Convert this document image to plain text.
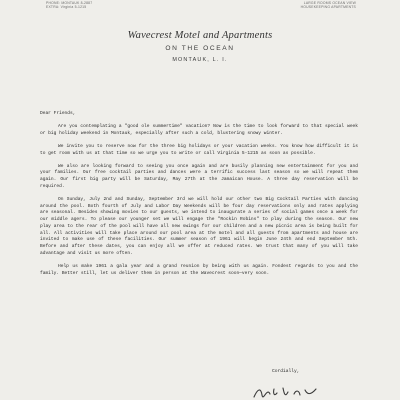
PHONE: MONTAUK 8-2887
EXTRA: Virginia 5-1215
LARGE ROOMS OCEAN VIEW
HOUSEKEEPING APARTMENTS
Wavecrest Motel and Apartments
ON THE OCEAN
MONTAUK, L. I.
Dear Friends,

Are you contemplating a "good ole summertime" vacation? Now is the time to look forward to that special week or big holiday weekend in Montauk, especially after such a cold, blustering snowy winter.

We invite you to reserve now for the three big holidays or your vacation weeks. You know how difficult it is to get room with us at that time so we urge you to write or call Virginia 5-1215 as soon as possible.

We also are looking forward to seeing you once again and are busily planning new entertainment for you and your families. Our free cocktail parties and dances were a terrific success last season so we will repeat them again. Our first big party will be Saturday, May 27th at the Jamaican House. A three day reservation will be required.

On Sunday, July 2nd and Sunday, September 3rd we will hold our other two Big Cocktail Parties with dancing around the pool. Both fourth of July and Labor Day Weekends will be four day reservations only and rates applying are seasonal. Besides showing movies to our guests, we intend to inaugurate a series of social games once a week for our middle agers. To please our younger set we will engage the "Rockin Robins" to play during the season. Our new play area to the rear of the pool will have all new swings for our children and a new picnic area is being built for all. All activities will take place around our pool area at the motel and all guests from apartments and house are invited to make use of these facilities. Our summer season of 1961 will begin June 24th and end September 5th. Before and after these dates, you can enjoy all we offer at reduced rates. We trust that many of you will take advantage and visit us more often.

Help us make 1961 a gala year and a grand reunion by being with us again. Fondest regards to you and the family. Better still, let us deliver them in person at the Wavecrest soon—very soon.

Cordially,
